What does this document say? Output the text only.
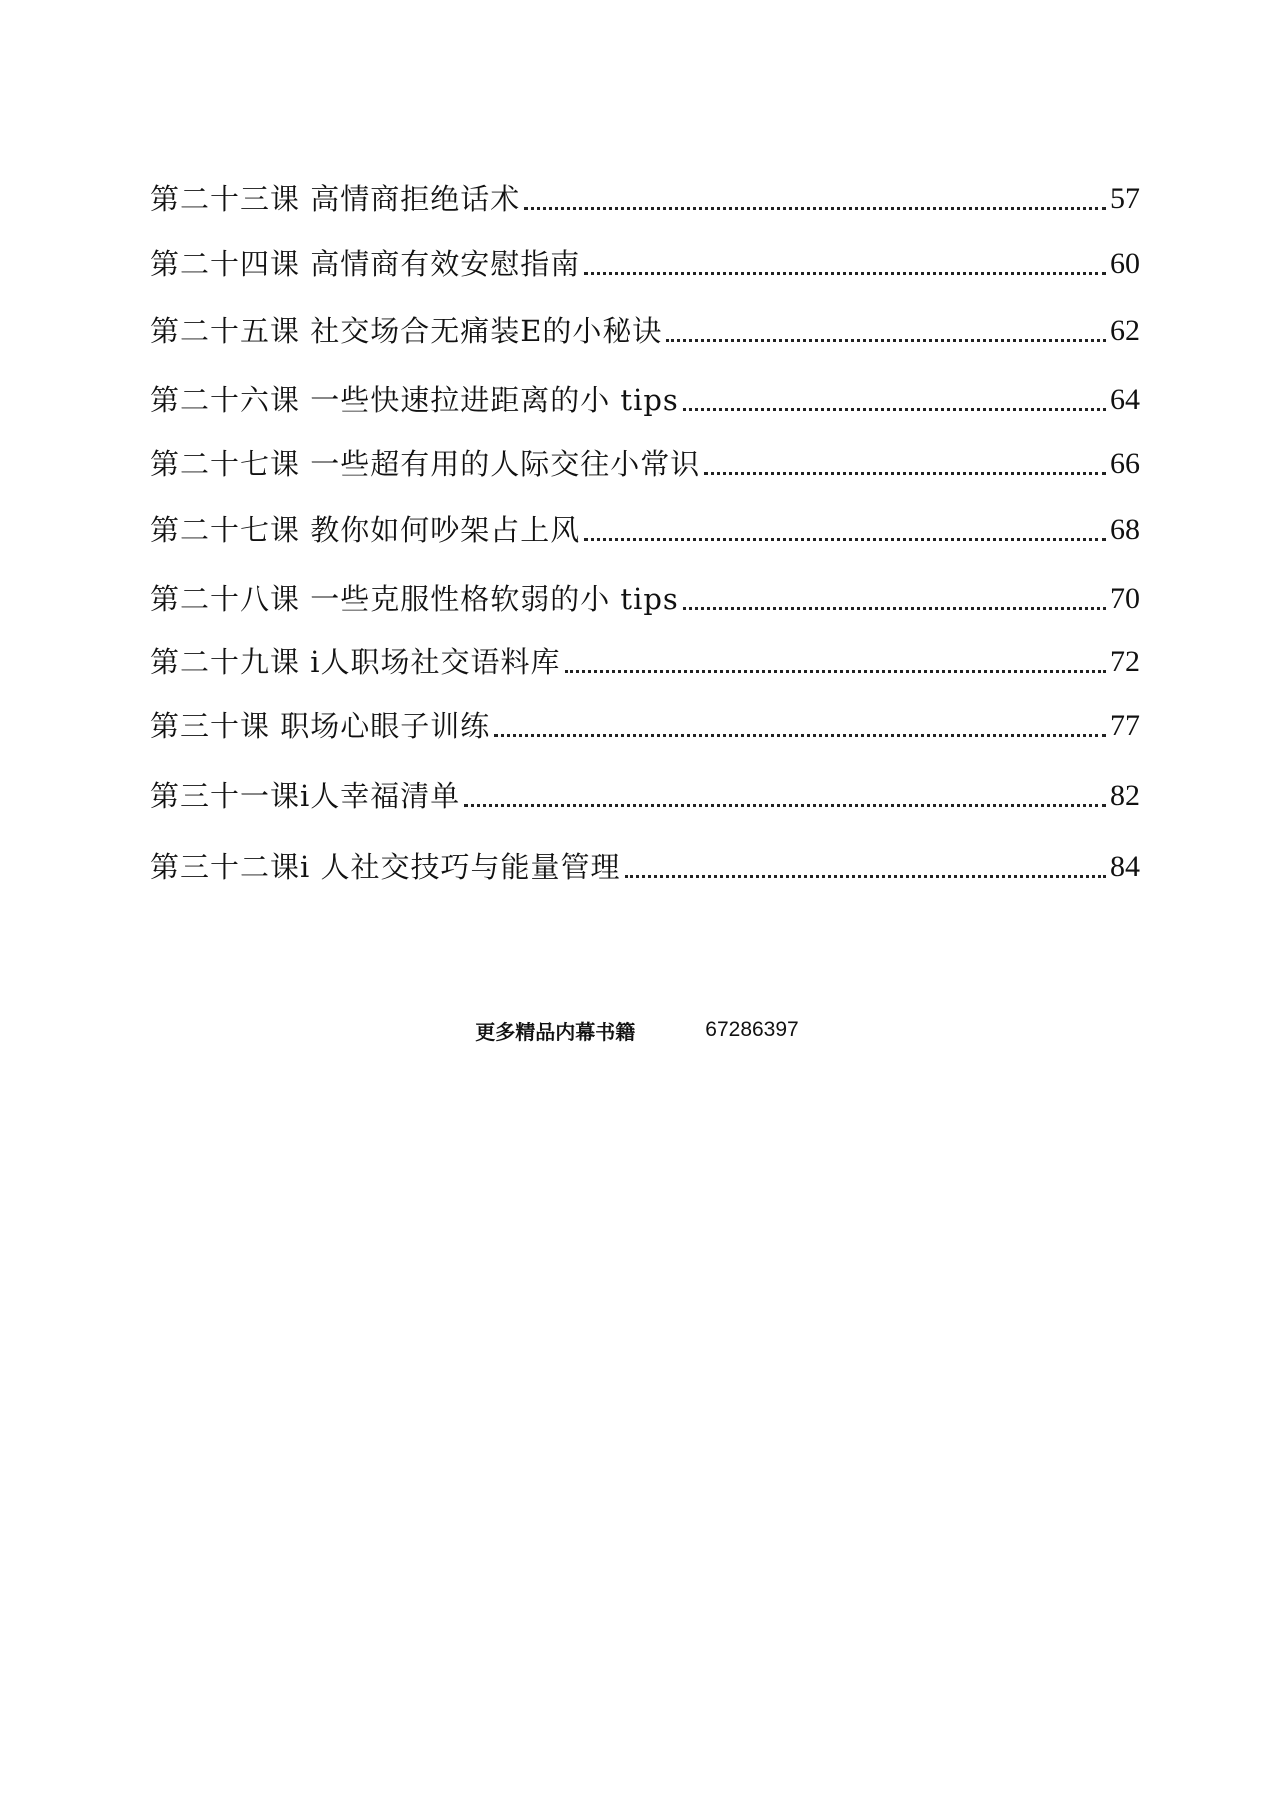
第二十三课 高情商拒绝话术	57
第二十四课 高情商有效安慰指南	60
第二十五课 社交场合无痛装E的小秘诀	62
第二十六课 一些快速拉进距离的小 tips	64
第二十七课 一些超有用的人际交往小常识	66
第二十七课 教你如何吵架占上风	68
第二十八课 一些克服性格软弱的小 tips	70
第二十九课 i人职场社交语料库	72
第三十课 职场心眼子训练	77
第三十一课i人幸福清单	82
第三十二课i 人社交技巧与能量管理	84
更多精品内幕书籍	67286397
